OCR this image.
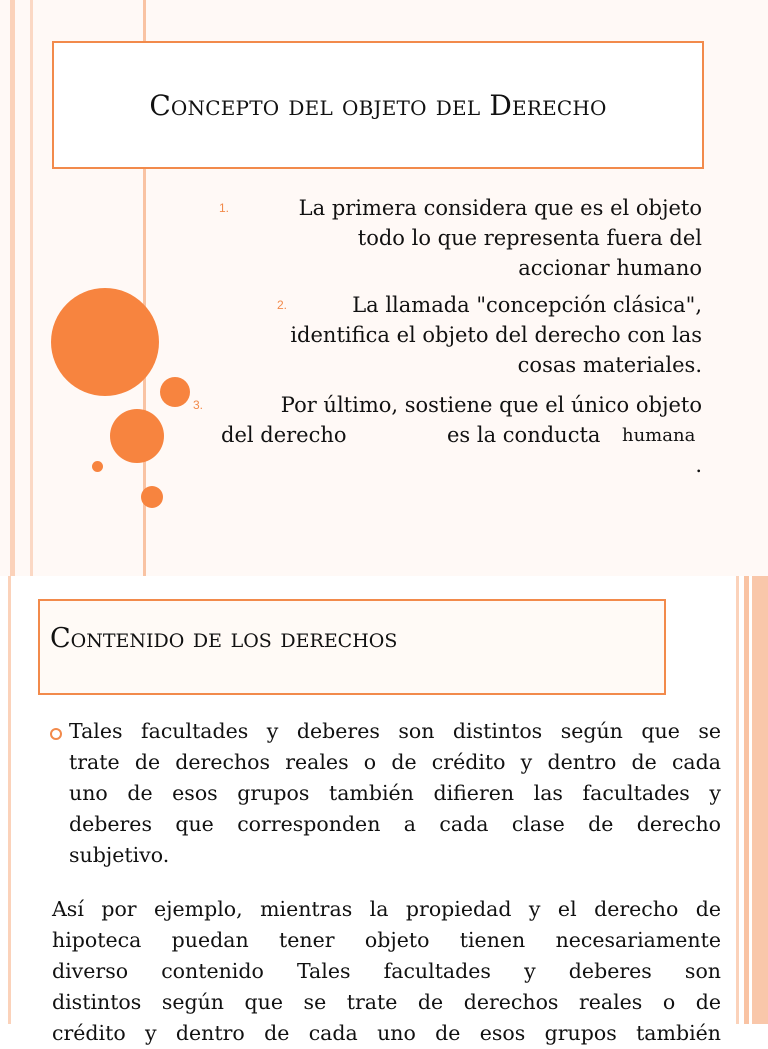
Concepto del objeto del Derecho
1.	La primera considera que es el objeto
todo lo que representa fuera del
accionar humano
2.	La llamada "concepción clásica",
identifica el objeto del derecho con las
cosas materiales.
3.	Por último, sostiene que el único objeto
del derecho	es la conducta humana
.
Contenido de los derechos
Tales facultades y deberes son distintos según que se
trate de derechos reales o de crédito y dentro de cada
uno de esos grupos también difieren las facultades y
deberes que corresponden a cada clase de derecho
subjetivo.
Así por ejemplo, mientras la propiedad y el derecho de
hipoteca puedan tener objeto tienen necesariamente
diverso contenido Tales facultades y deberes son
distintos según que se trate de derechos reales o de
crédito y dentro de cada uno de esos grupos también
